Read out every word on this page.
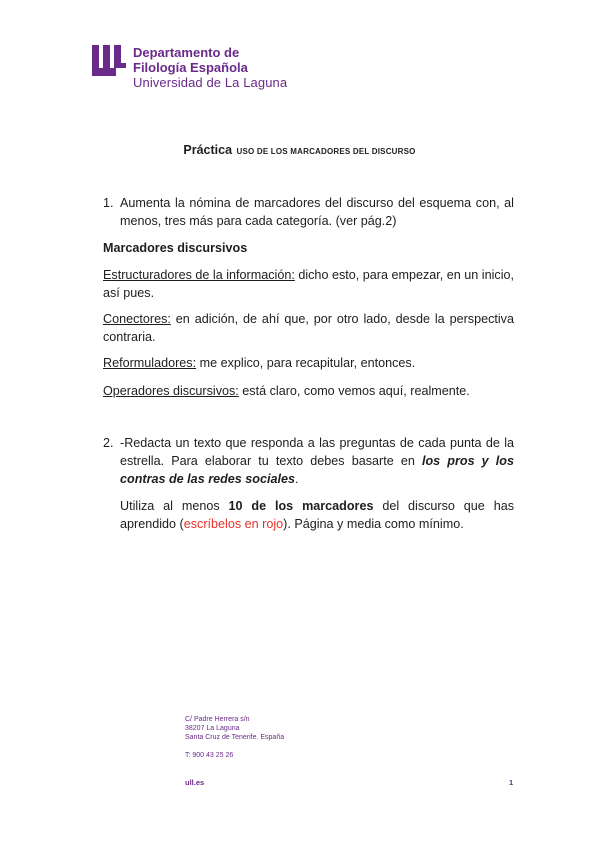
Departamento de
Filología Española
Universidad de La Laguna
Práctica USO DE LOS MARCADORES DEL DISCURSO
1. Aumenta la nómina de marcadores del discurso del esquema con, al menos, tres más para cada categoría. (ver pág.2)
Marcadores discursivos
Estructuradores de la información: dicho esto, para empezar, en un inicio, así pues.
Conectores: en adición, de ahí que, por otro lado, desde la perspectiva contraria.
Reformuladores: me explico, para recapitular, entonces.
Operadores discursivos: está claro, como vemos aquí, realmente.
2. -Redacta un texto que responda a las preguntas de cada punta de la estrella. Para elaborar tu texto debes basarte en los pros y los contras de las redes sociales.
Utiliza al menos 10 de los marcadores del discurso que has aprendido (escríbelos en rojo). Página y media como mínimo.
C/ Padre Herrera s/n
38207 La Laguna
Santa Cruz de Tenerife. España
T: 900 43 25 26
ull.es	1
